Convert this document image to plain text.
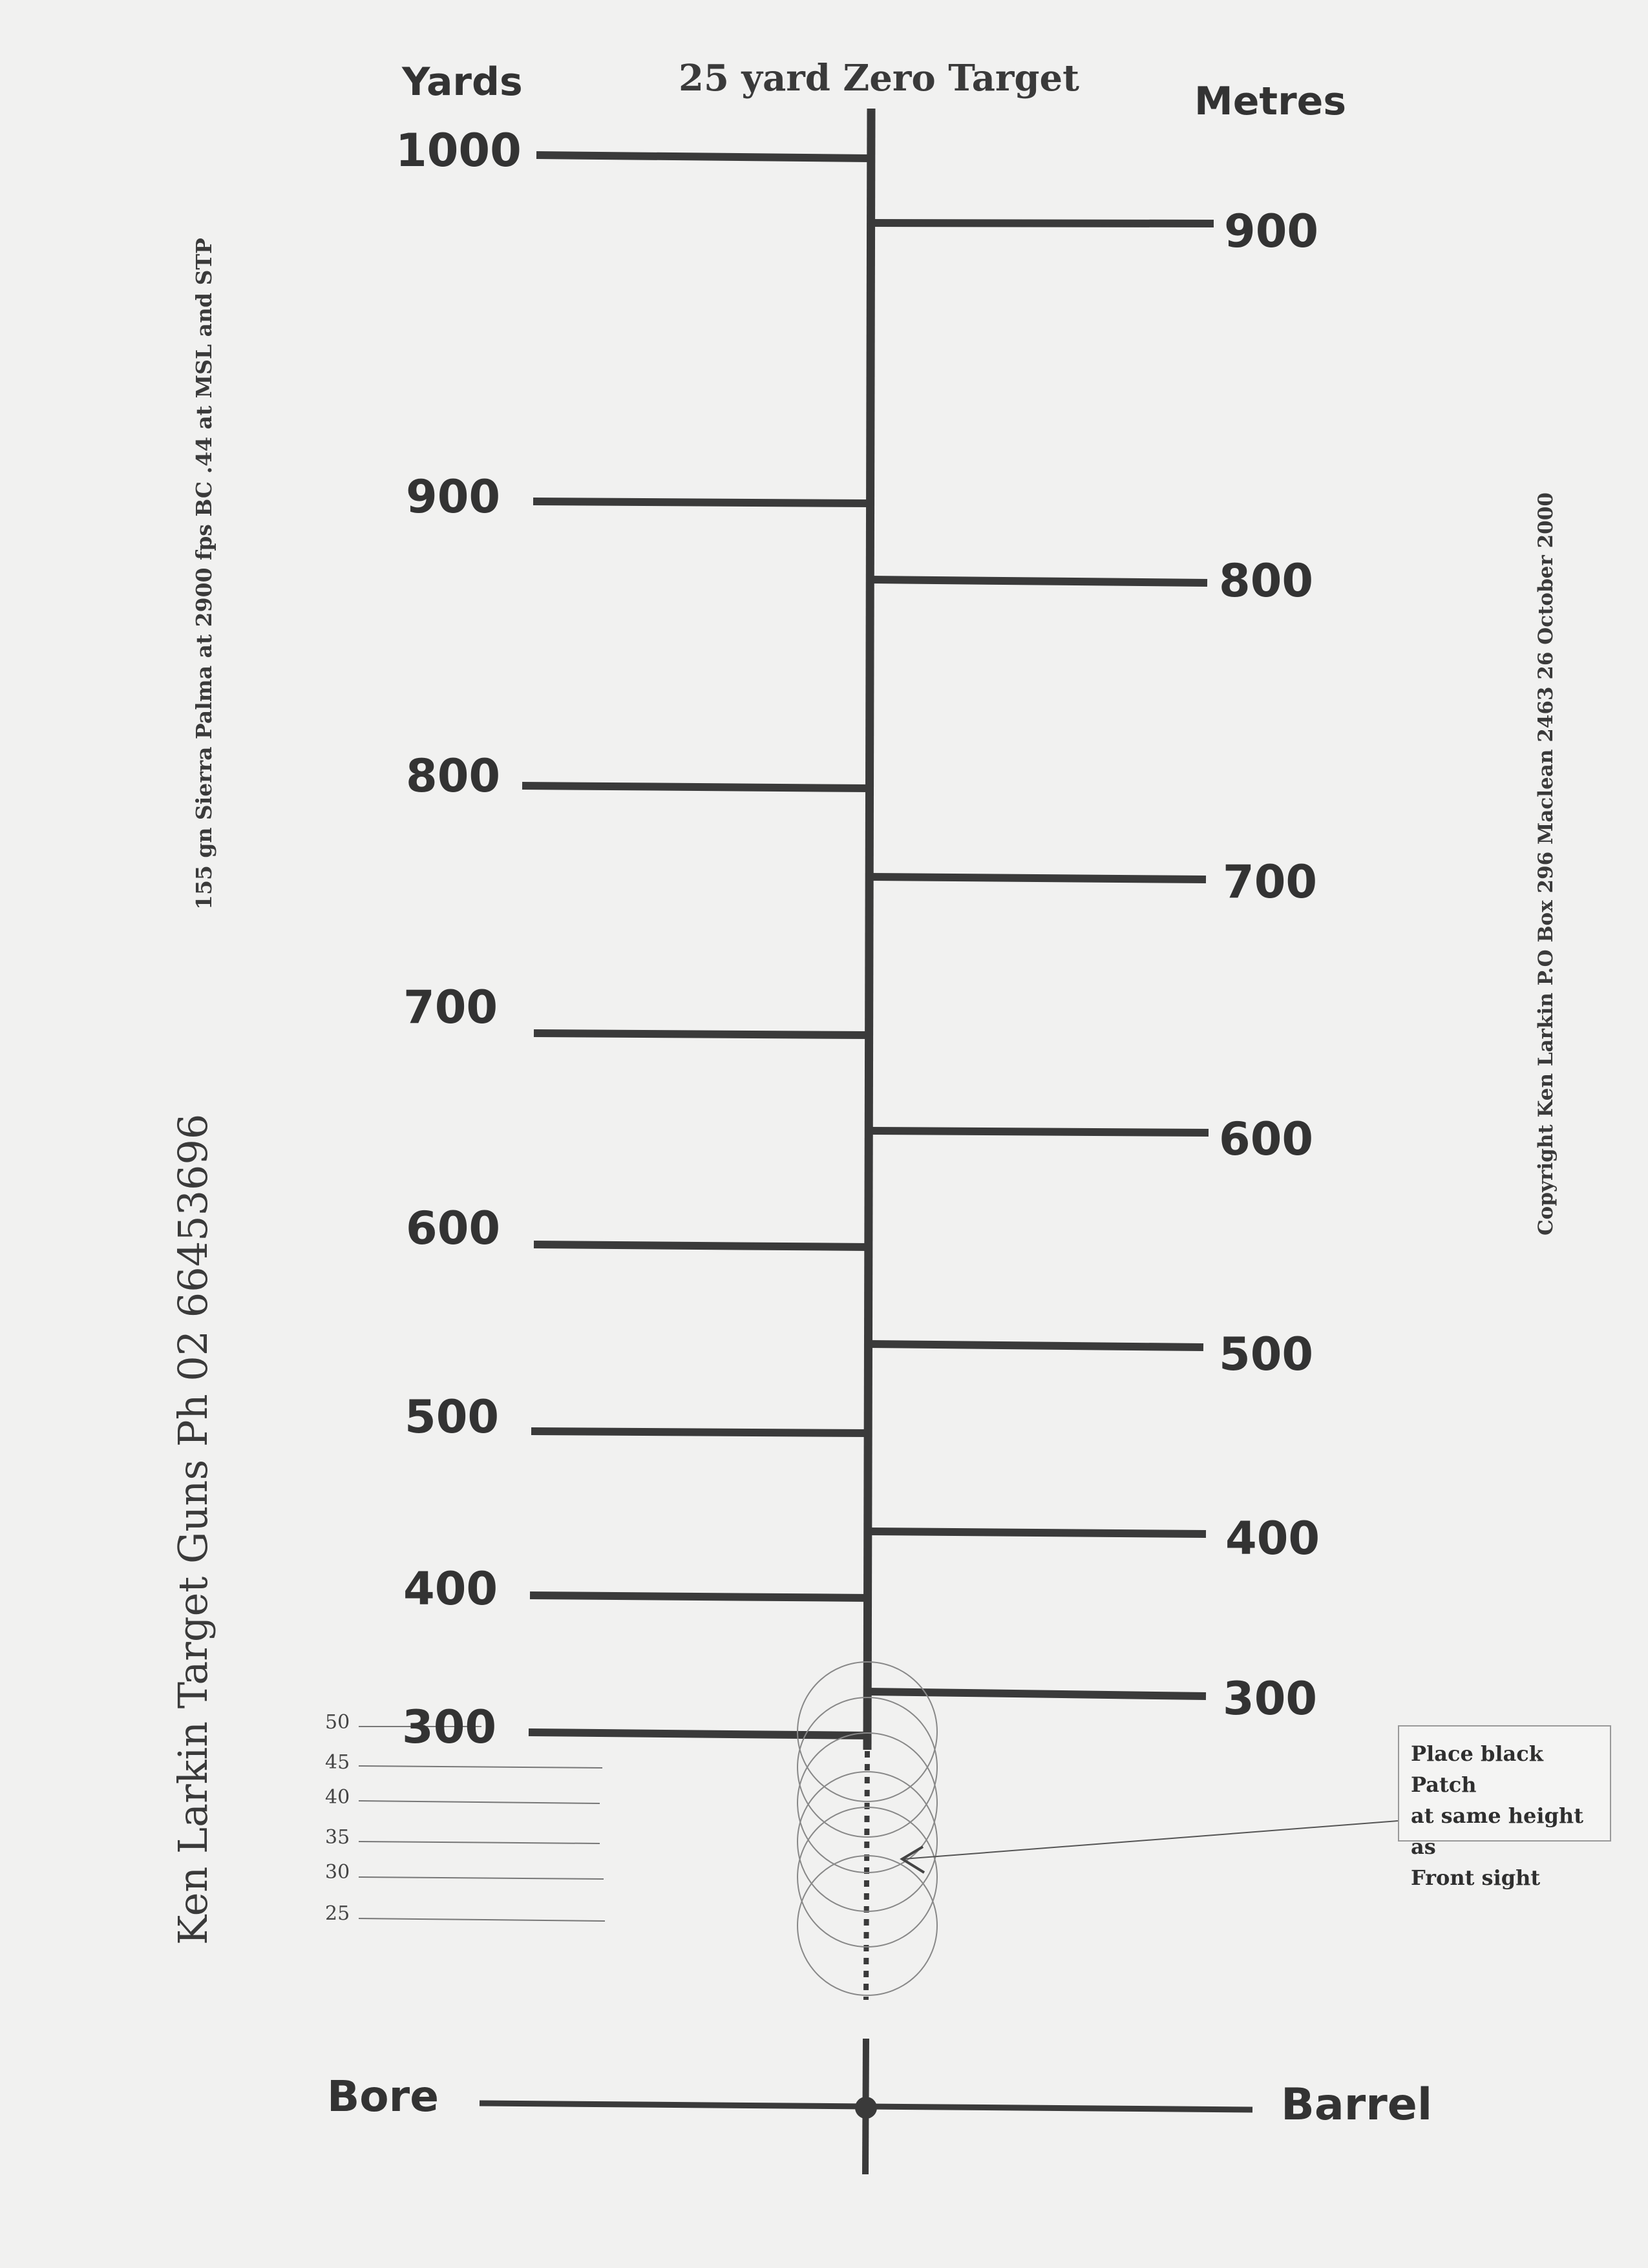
Yards	25 yard Zero Target
Metres
1000
900
800
700
600
500
400
300
900
800
700
600
500
400
300
50
45
40
35
30
25
Bore	Barrel
Place black Patch
at same height as
Front sight
Ken Larkin Target Guns Ph 02 66453696
155 gn Sierra Palma at 2900 fps BC .44 at MSL and STP	Copyright Ken Larkin P.O Box 296 Maclean 2463 26 October 2000
